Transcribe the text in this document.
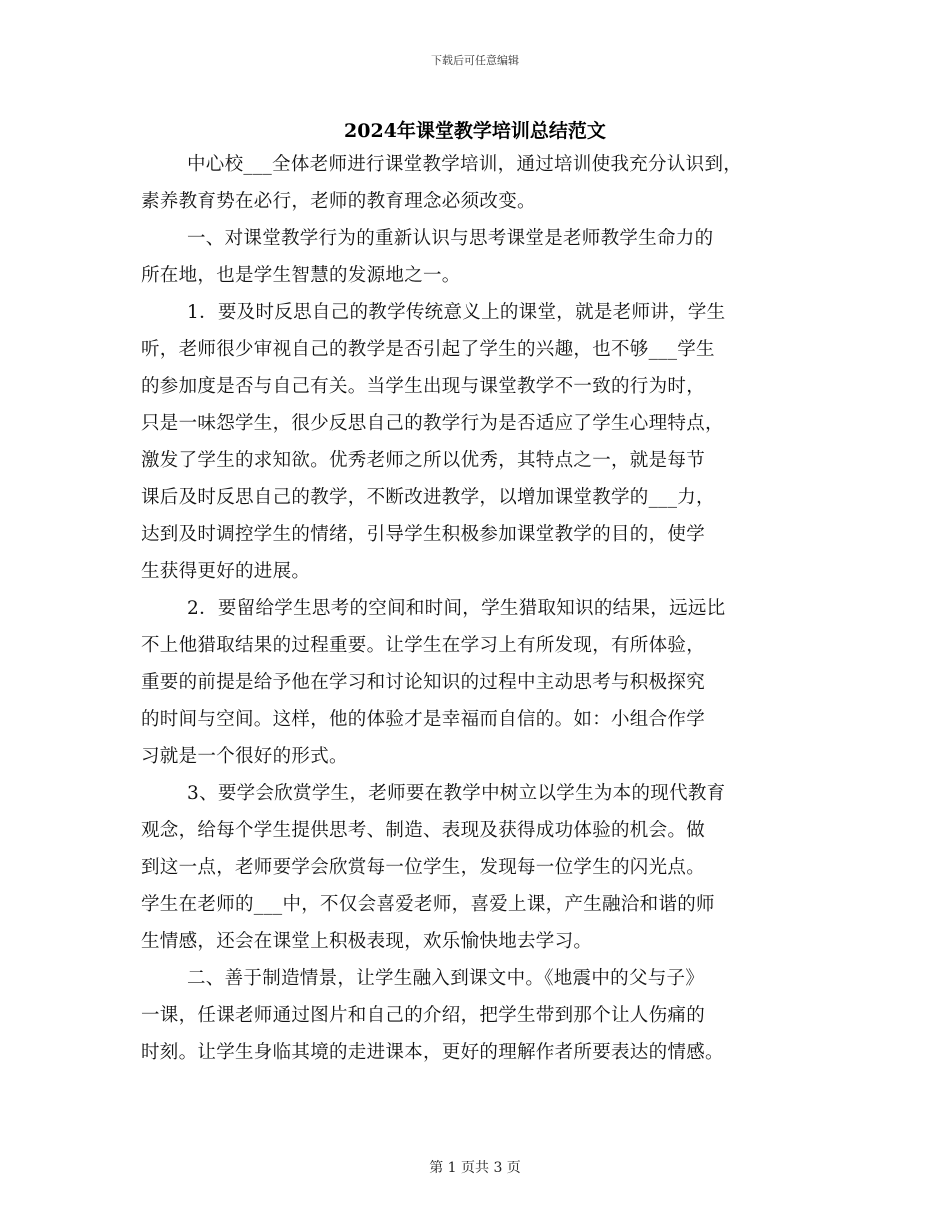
下载后可任意编辑
2024年课堂教学培训总结范文
中心校___全体老师进行课堂教学培训，通过培训使我充分认识到，
素养教育势在必行，老师的教育理念必须改变。
一、对课堂教学行为的重新认识与思考课堂是老师教学生命力的
所在地，也是学生智慧的发源地之一。
1．要及时反思自己的教学传统意义上的课堂，就是老师讲，学生
听，老师很少审视自己的教学是否引起了学生的兴趣，也不够___学生
的参加度是否与自己有关。当学生出现与课堂教学不一致的行为时，
只是一味怨学生，很少反思自己的教学行为是否适应了学生心理特点，
激发了学生的求知欲。优秀老师之所以优秀，其特点之一，就是每节
课后及时反思自己的教学，不断改进教学，以增加课堂教学的___力，
达到及时调控学生的情绪，引导学生积极参加课堂教学的目的，使学
生获得更好的进展。
2．要留给学生思考的空间和时间，学生猎取知识的结果，远远比
不上他猎取结果的过程重要。让学生在学习上有所发现，有所体验，
重要的前提是给予他在学习和讨论知识的过程中主动思考与积极探究
的时间与空间。这样，他的体验才是幸福而自信的。如：小组合作学
习就是一个很好的形式。
3、要学会欣赏学生，老师要在教学中树立以学生为本的现代教育
观念，给每个学生提供思考、制造、表现及获得成功体验的机会。做
到这一点，老师要学会欣赏每一位学生，发现每一位学生的闪光点。
学生在老师的___中，不仅会喜爱老师，喜爱上课，产生融洽和谐的师
生情感，还会在课堂上积极表现，欢乐愉快地去学习。
二、善于制造情景，让学生融入到课文中。《地震中的父与子》
一课，任课老师通过图片和自己的介绍，把学生带到那个让人伤痛的
时刻。让学生身临其境的走进课本，更好的理解作者所要表达的情感。
第 1 页共 3 页
